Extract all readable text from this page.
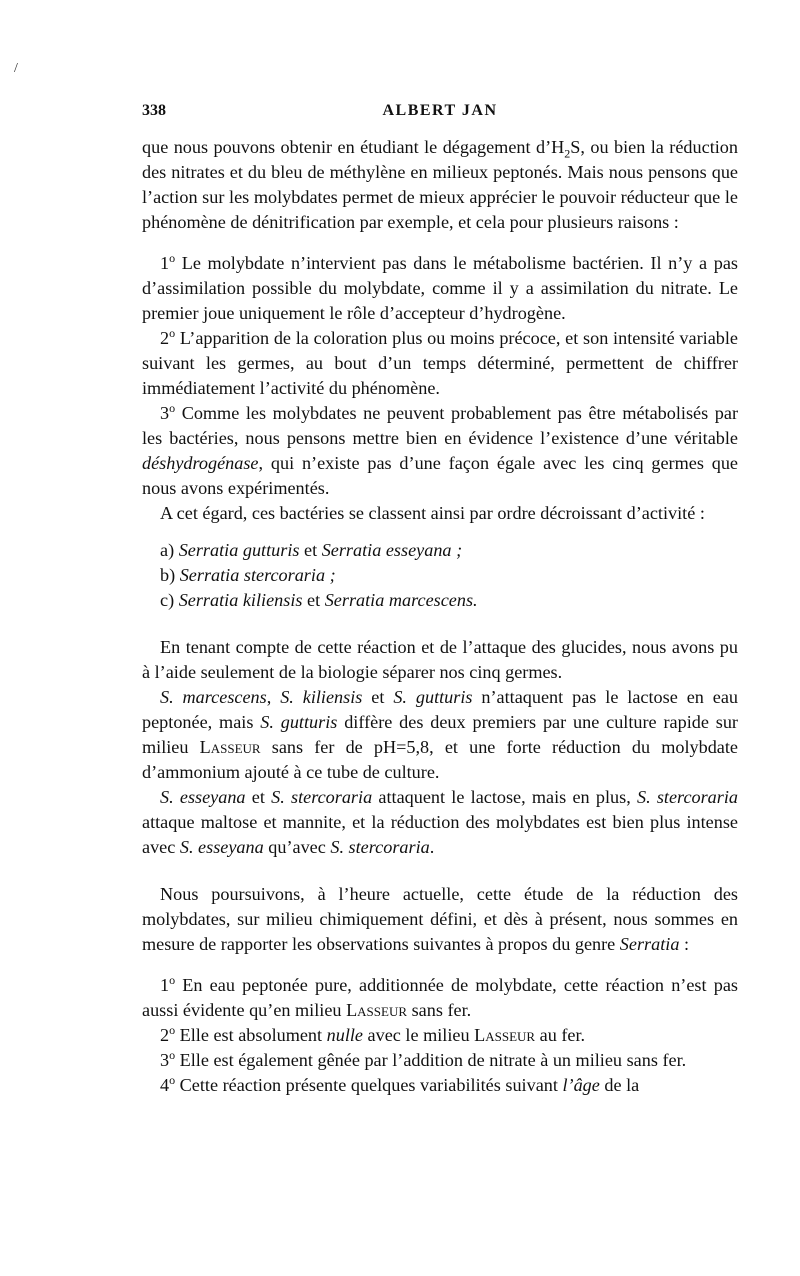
/
338	ALBERT JAN

que nous pouvons obtenir en étudiant le dégagement $d’H_2S$, ou bien la réduction des nitrates et du bleu de méthylène en milieux peptonés. Mais nous pensons que l’action sur les molybdates permet de mieux apprécier le pouvoir réducteur que le phénomène de dénitrification par exemple, et cela pour plusieurs raisons :

1$^o$ Le molybdate n’intervient pas dans le métabolisme bactérien. Il n’y a pas d’assimilation possible du molybdate, comme il y a assimilation du nitrate. Le premier joue uniquement le rôle d’accepteur d’hydrogène.

2$^o$ L’apparition de la coloration plus ou moins précoce, et son intensité variable suivant les germes, au bout d’un temps déterminé, permettent de chiffrer immédiatement l’activité du phénomène.

3$^o$ Comme les molybdates ne peuvent probablement pas être métabolisés par les bactéries, nous pensons mettre bien en évidence l’existence d’une véritable déshydrogénase, qui n’existe pas d’une façon égale avec les cinq germes que nous avons expérimentés.

A cet égard, ces bactéries se classent ainsi par ordre décroissant d’activité :

a) Serratia gutturis et Serratia esseyana ;
b) Serratia stercoraria ;
c) Serratia kiliensis et Serratia marcescens.

En tenant compte de cette réaction et de l’attaque des glucides, nous avons pu à l’aide seulement de la biologie séparer nos cinq germes.

S. marcescens, S. kiliensis et S. gutturis n’attaquent pas le lactose en eau peptonée, mais S. gutturis diffère des deux premiers par une culture rapide sur milieu Lasseur sans fer de pH=5,8, et une forte réduction du molybdate d’ammonium ajouté à ce tube de culture.

S. esseyana et S. stercoraria attaquent le lactose, mais en plus, S. stercoraria attaque maltose et mannite, et la réduction des molybdates est bien plus intense avec S. esseyana qu’avec S. stercoraria.

Nous poursuivons, à l’heure actuelle, cette étude de la réduction des molybdates, sur milieu chimiquement défini, et dès à présent, nous sommes en mesure de rapporter les observations suivantes à propos du genre Serratia :

1$^o$ En eau peptonée pure, additionnée de molybdate, cette réaction n’est pas aussi évidente qu’en milieu Lasseur sans fer.

2$^o$ Elle est absolument nulle avec le milieu Lasseur au fer.

3$^o$ Elle est également gênée par l’addition de nitrate à un milieu sans fer.

4$^o$ Cette réaction présente quelques variabilités suivant l’âge de la
